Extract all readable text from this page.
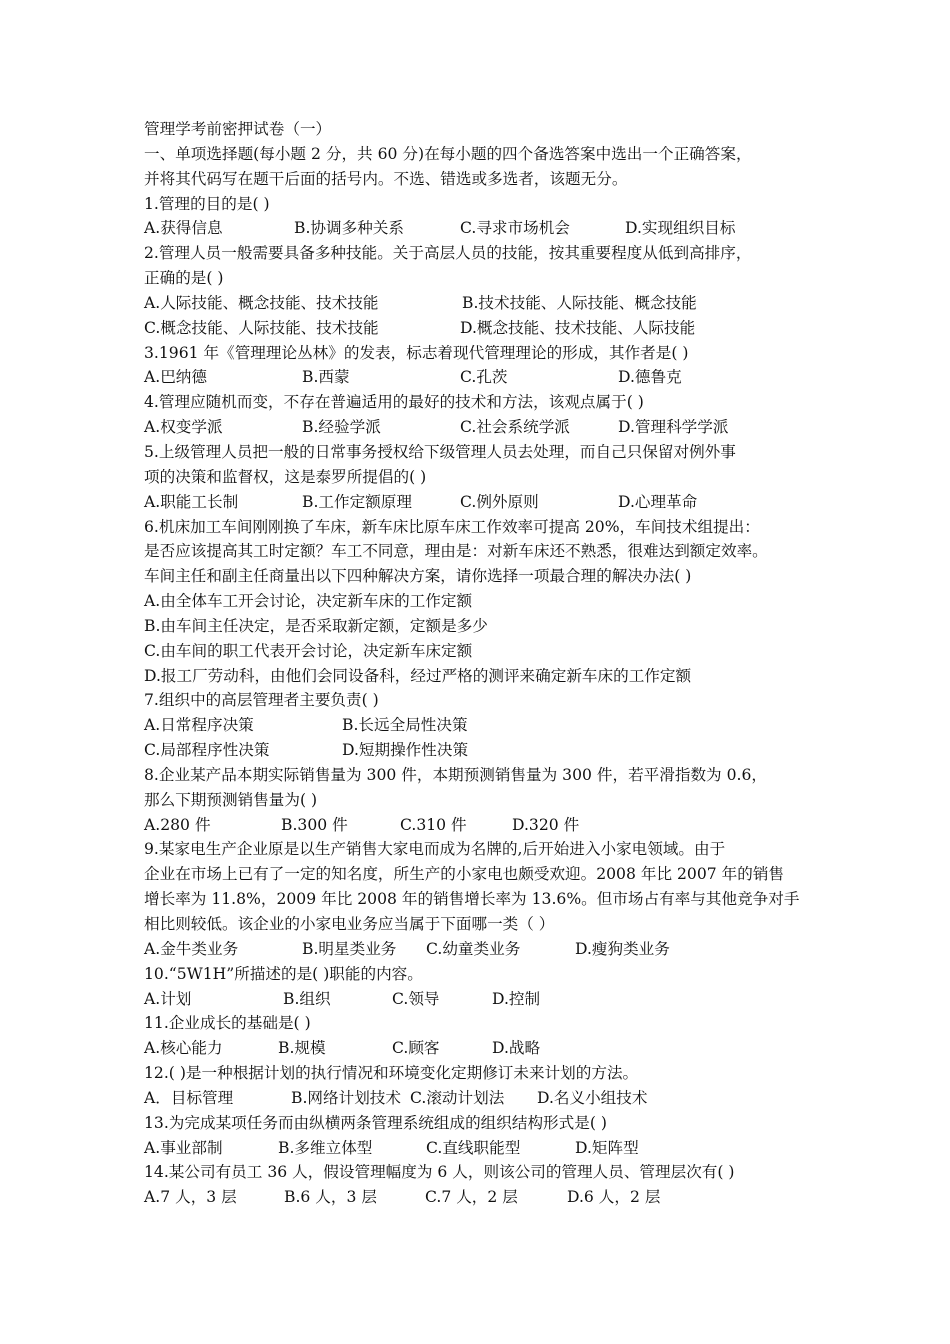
管理学考前密押试卷（一）
一、单项选择题(每小题 2 分，共 60 分)在每小题的四个备选答案中选出一个正确答案，
并将其代码写在题干后面的括号内。不选、错选或多选者，该题无分。
1.管理的目的是( )
A.获得信息	B.协调多种关系	C.寻求市场机会	D.实现组织目标
2.管理人员一般需要具备多种技能。关于高层人员的技能，按其重要程度从低到高排序，
正确的是( )
A.人际技能、概念技能、技术技能	B.技术技能、人际技能、概念技能
C.概念技能、人际技能、技术技能	D.概念技能、技术技能、人际技能
3.1961 年《管理理论丛林》的发表，标志着现代管理理论的形成，其作者是( )
A.巴纳德	B.西蒙	C.孔茨	D.德鲁克
4.管理应随机而变，不存在普遍适用的最好的技术和方法，该观点属于( )
A.权变学派	B.经验学派	C.社会系统学派	D.管理科学学派
5.上级管理人员把一般的日常事务授权给下级管理人员去处理，而自己只保留对例外事
项的决策和监督权，这是泰罗所提倡的( )
A.职能工长制	B.工作定额原理	C.例外原则	D.心理革命
6.机床加工车间刚刚换了车床，新车床比原车床工作效率可提高 20%，车间技术组提出：
是否应该提高其工时定额？车工不同意，理由是：对新车床还不熟悉，很难达到额定效率。
车间主任和副主任商量出以下四种解决方案，请你选择一项最合理的解决办法( )
A.由全体车工开会讨论，决定新车床的工作定额
B.由车间主任决定，是否采取新定额，定额是多少
C.由车间的职工代表开会讨论，决定新车床定额
D.报工厂劳动科，由他们会同设备科，经过严格的测评来确定新车床的工作定额
7.组织中的高层管理者主要负责( )
A.日常程序决策	B.长远全局性决策
C.局部程序性决策	D.短期操作性决策
8.企业某产品本期实际销售量为 300 件，本期预测销售量为 300 件，若平滑指数为 0.6，
那么下期预测销售量为( )
A.280 件	B.300 件	C.310 件	D.320 件
9.某家电生产企业原是以生产销售大家电而成为名牌的,后开始进入小家电领域。由于
企业在市场上已有了一定的知名度，所生产的小家电也颇受欢迎。2008 年比 2007 年的销售
增长率为 11.8%，2009 年比 2008 年的销售增长率为 13.6%。但市场占有率与其他竞争对手
相比则较低。该企业的小家电业务应当属于下面哪一类（ ）
A.金牛类业务	B.明星类业务 C.幼童类业务	D.瘦狗类业务
10.“5W1H”所描述的是( )职能的内容。
A.计划	B.组织	C.领导	D.控制
11.企业成长的基础是( )
A.核心能力	B.规模	C.顾客	D.战略
12.( )是一种根据计划的执行情况和环境变化定期修订未来计划的方法。
A．目标管理	B.网络计划技术 C.滚动计划法 D.名义小组技术
13.为完成某项任务而由纵横两条管理系统组成的组织结构形式是( )
A.事业部制	B.多维立体型	C.直线职能型	D.矩阵型
14.某公司有员工 36 人，假设管理幅度为 6 人，则该公司的管理人员、管理层次有( )
A.7 人，3 层	B.6 人，3 层	C.7 人，2 层	D.6 人，2 层
